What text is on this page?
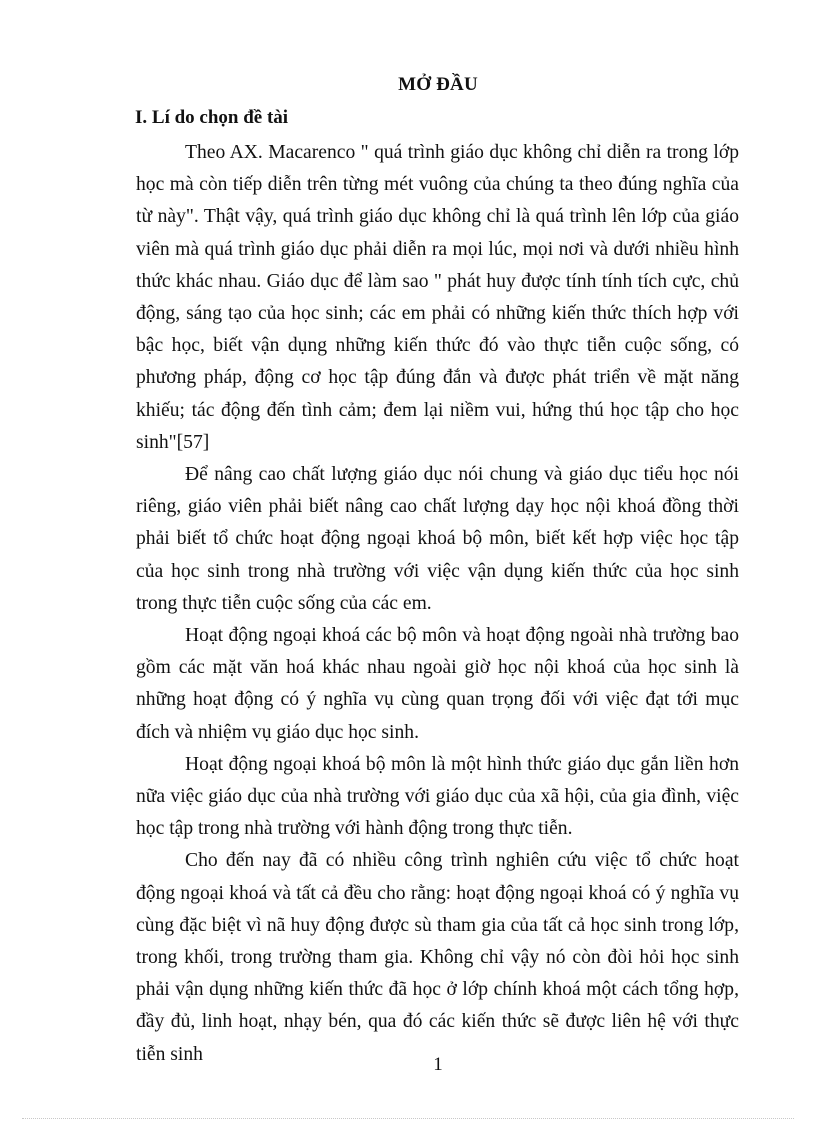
MỞ ĐẦU
I. Lí do chọn đề tài

Theo AX. Macarenco " quá trình giáo dục không chỉ diễn ra trong lớp học mà còn tiếp diễn trên từng mét vuông của chúng ta theo đúng nghĩa của từ này". Thật vậy, quá trình giáo dục không chỉ là quá trình lên lớp của giáo viên mà quá trình giáo dục phải diễn ra mọi lúc, mọi nơi và dưới nhiều hình thức khác nhau. Giáo dục để làm sao " phát huy được tính tính tích cực, chủ động, sáng tạo của học sinh; các em phải có những kiến thức thích hợp với bậc học, biết vận dụng những kiến thức đó vào thực tiễn cuộc sống, có phương pháp, động cơ học tập đúng đắn và được phát triển về mặt năng khiếu; tác động đến tình cảm; đem lại niềm vui, hứng thú học tập cho học sinh"[57]

Để nâng cao chất lượng giáo dục nói chung và giáo dục tiểu học nói riêng, giáo viên phải biết nâng cao chất lượng dạy học nội khoá đồng thời phải biết tổ chức hoạt động ngoại khoá bộ môn, biết kết hợp việc học tập của học sinh trong nhà trường với việc vận dụng kiến thức của học sinh trong thực tiễn cuộc sống của các em.

Hoạt động ngoại khoá các bộ môn và hoạt động ngoài nhà trường bao gồm các mặt văn hoá khác nhau ngoài giờ học nội khoá của học sinh là những hoạt động có ý nghĩa vụ cùng quan trọng đối với việc đạt tới mục đích và nhiệm vụ giáo dục học sinh.

Hoạt động ngoại khoá bộ môn là một hình thức giáo dục gắn liền hơn nữa việc giáo dục của nhà trường với giáo dục của xã hội, của gia đình, việc học tập trong nhà trường với hành động trong thực tiễn.

Cho đến nay đã có nhiều công trình nghiên cứu việc tổ chức hoạt động ngoại khoá và tất cả đều cho rằng: hoạt động ngoại khoá có ý nghĩa vụ cùng đặc biệt vì nã huy động được sù tham gia của tất cả học sinh trong lớp, trong khối, trong trường tham gia. Không chỉ vậy nó còn đòi hỏi học sinh phải vận dụng những kiến thức đã học ở lớp chính khoá một cách tổng hợp, đầy đủ, linh hoạt, nhạy bén, qua đó các kiến thức sẽ được liên hệ với thực tiễn sinh	1
